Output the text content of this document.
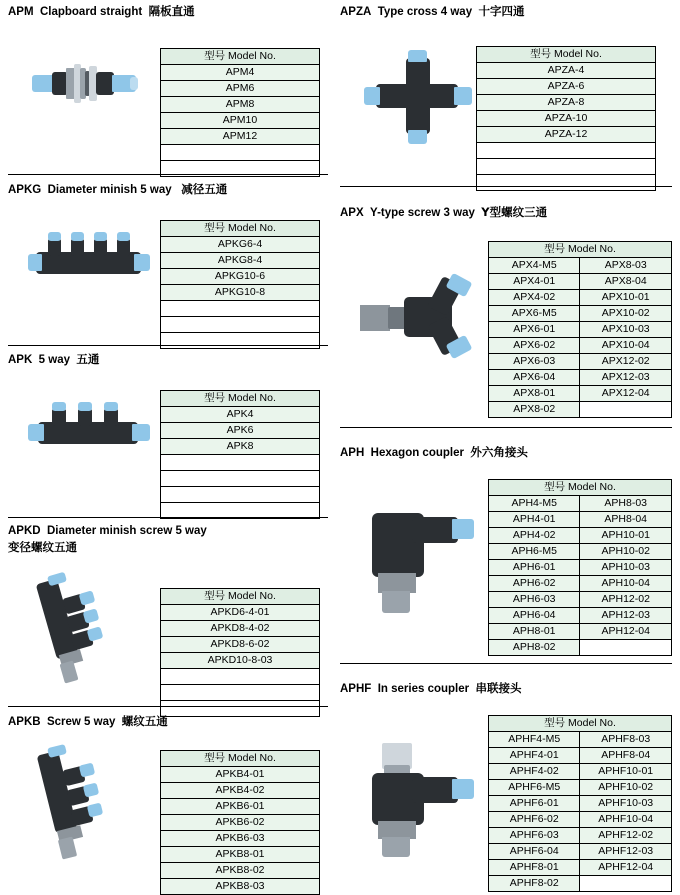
APM Clapboard straight 隔板直通
型号 Model No.
APM4
APM6
APM8
APM10
APM12

APKG Diameter minish 5 way 减径五通
型号 Model No.
APKG6-4
APKG8-4
APKG10-6
APKG10-8

APK 5 way 五通
型号 Model No.
APK4
APK6
APK8

APKD Diameter minish screw 5 way
变径螺纹五通
型号 Model No.
APKD6-4-01
APKD8-4-02
APKD8-6-02
APKD10-8-03

APKB Screw 5 way 螺纹五通
型号 Model No.
APKB4-01
APKB4-02
APKB6-01
APKB6-02
APKB6-03
APKB8-01
APKB8-02
APKB8-03
APZA Type cross 4 way 十字四通
型号 Model No.
APZA-4
APZA-6
APZA-8
APZA-10
APZA-12

APX Y-type screw 3 way Y型螺纹三通
型号 Model No.	
APX4-M5	APX8-03
APX4-01	APX8-04
APX4-02	APX10-01
APX6-M5	APX10-02
APX6-01	APX10-03
APX6-02	APX10-04
APX6-03	APX12-02
APX6-04	APX12-03
APX8-01	APX12-04
APX8-02	
APH Hexagon coupler 外六角接头
型号 Model No.	
APH4-M5	APH8-03
APH4-01	APH8-04
APH4-02	APH10-01
APH6-M5	APH10-02
APH6-01	APH10-03
APH6-02	APH10-04
APH6-03	APH12-02
APH6-04	APH12-03
APH8-01	APH12-04
APH8-02	
APHF In series coupler 串联接头
型号 Model No.	
APHF4-M5	APHF8-03
APHF4-01	APHF8-04
APHF4-02	APHF10-01
APHF6-M5	APHF10-02
APHF6-01	APHF10-03
APHF6-02	APHF10-04
APHF6-03	APHF12-02
APHF6-04	APHF12-03
APHF8-01	APHF12-04
APHF8-02	
